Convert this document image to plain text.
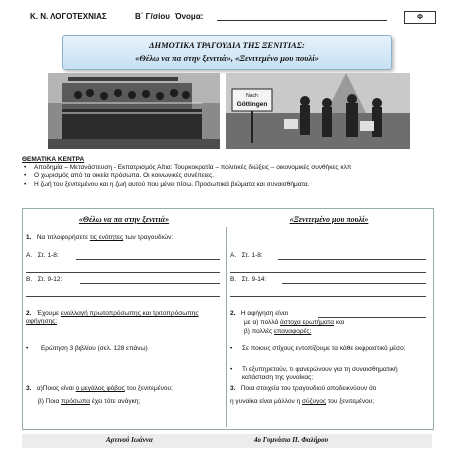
Κ. Ν. ΛΟΓΟΤΕΧΝΙΑΣ	Β΄ Γ/σίου Όνομα:	Φ
ΔΗΜΟΤΙΚΑ ΤΡΑΓΟΥΔΙΑ ΤΗΣ ΞΕΝΙΤΙΑΣ:
«Θέλω να πα στην ξενιτιά», «Ξενιτεμένο μου πουλί»
Nach
Göttingen
ΘΕΜΑΤΙΚΑ ΚΕΝΤΡΑ
• Αποδημία – Μετανάστευση - Εκπατρισμός Αίτια: Τουρκοκρατία – πολιτικές διώξεις – οικονομικές συνθήκες κλπ
• Ο χωρισμός από τα οικεία πρόσωπα. Οι κοινωνικές συνέπειες.
• Η ζωή του ξενιτεμένου και η ζωή αυτού που μένει πίσω. Προσωπικά βιώματα και συναισθήματα.
«Θέλω να πα στην ξενιτιά»
1. Να τιτλοφορήσετε τις ενότητες των τραγουδιών:
Α. Στ. 1-8:
Β. Στ. 9-12:
2. Έχουμε εναλλαγή πρωτοπρόσωπης και τριτοπρόσωπης αφήγησης:
• Ερώτηση 3 βιβλίου (σελ. 128 επάνω)
3. α)Ποιος είναι ο μεγάλος φόβος του ξενιτεμένου;
β) Ποια πρόσωπα έχει τότε ανάγκη;
«Ξενιτεμένο μου πουλί»
Α. Στ. 1-8:
Β. Στ. 9-14:
2. Η αφήγηση είναι
με α) πολλά άστοχα ερωτήματα και
β) πολλές επαναφορές:
•	Σε ποιους στίχους εντοπίζουμε τα κάθε εκφραστικό μέσο;
•	Τι εξυπηρετούν, τι φανερώνουν για τη συναισθηματική κατάσταση της γυναίκας;
3. Ποια στοιχεία του τραγουδιού αποδεικνύουν ότι
η γυναίκα είναι μάλλον η σύζυγος του ξενιτεμένου;
Αρτινού Ιωάννα	4ο Γυμνάσιο Π. Φαλήρου
